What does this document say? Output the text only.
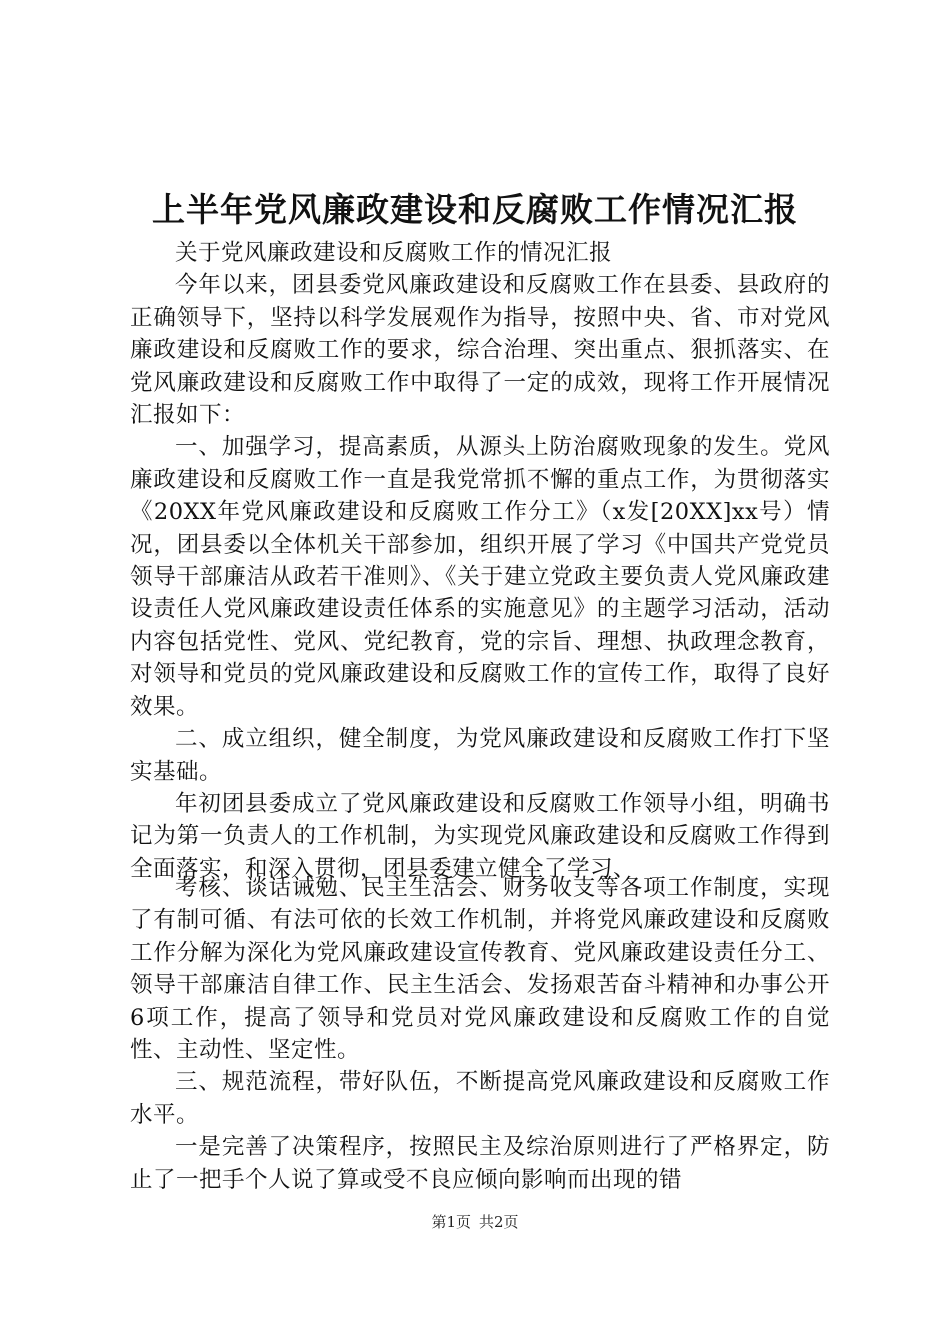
上半年党风廉政建设和反腐败工作情况汇报

关于党风廉政建设和反腐败工作的情况汇报

今年以来，团县委党风廉政建设和反腐败工作在县委、县政府的正确领导下，坚持以科学发展观作为指导，按照中央、省、市对党风廉政建设和反腐败工作的要求，综合治理、突出重点、狠抓落实、在党风廉政建设和反腐败工作中取得了一定的成效，现将工作开展情况汇报如下：

一、加强学习，提高素质，从源头上防治腐败现象的发生。党风廉政建设和反腐败工作一直是我党常抓不懈的重点工作，为贯彻落实《20XX年党风廉政建设和反腐败工作分工》（x发[20XX]xx号）情况，团县委以全体机关干部参加，组织开展了学习《中国共产党党员领导干部廉洁从政若干准则》、《关于建立党政主要负责人党风廉政建设责任人党风廉政建设责任体系的实施意见》的主题学习活动，活动内容包括党性、党风、党纪教育，党的宗旨、理想、执政理念教育，对领导和党员的党风廉政建设和反腐败工作的宣传工作，取得了良好效果。

二、成立组织，健全制度，为党风廉政建设和反腐败工作打下坚实基础。

年初团县委成立了党风廉政建设和反腐败工作领导小组，明确书记为第一负责人的工作机制，为实现党风廉政建设和反腐败工作得到全面落实，和深入贯彻，团县委建立健全了学习、

考核、谈话诫勉、民主生活会、财务收支等各项工作制度，实现了有制可循、有法可依的长效工作机制，并将党风廉政建设和反腐败工作分解为深化为党风廉政建设宣传教育、党风廉政建设责任分工、领导干部廉洁自律工作、民主生活会、发扬艰苦奋斗精神和办事公开6项工作，提高了领导和党员对党风廉政建设和反腐败工作的自觉性、主动性、坚定性。

三、规范流程，带好队伍，不断提高党风廉政建设和反腐败工作水平。

一是完善了决策程序，按照民主及综治原则进行了严格界定，防止了一把手个人说了算或受不良应倾向影响而出现的错

第1页 共2页
